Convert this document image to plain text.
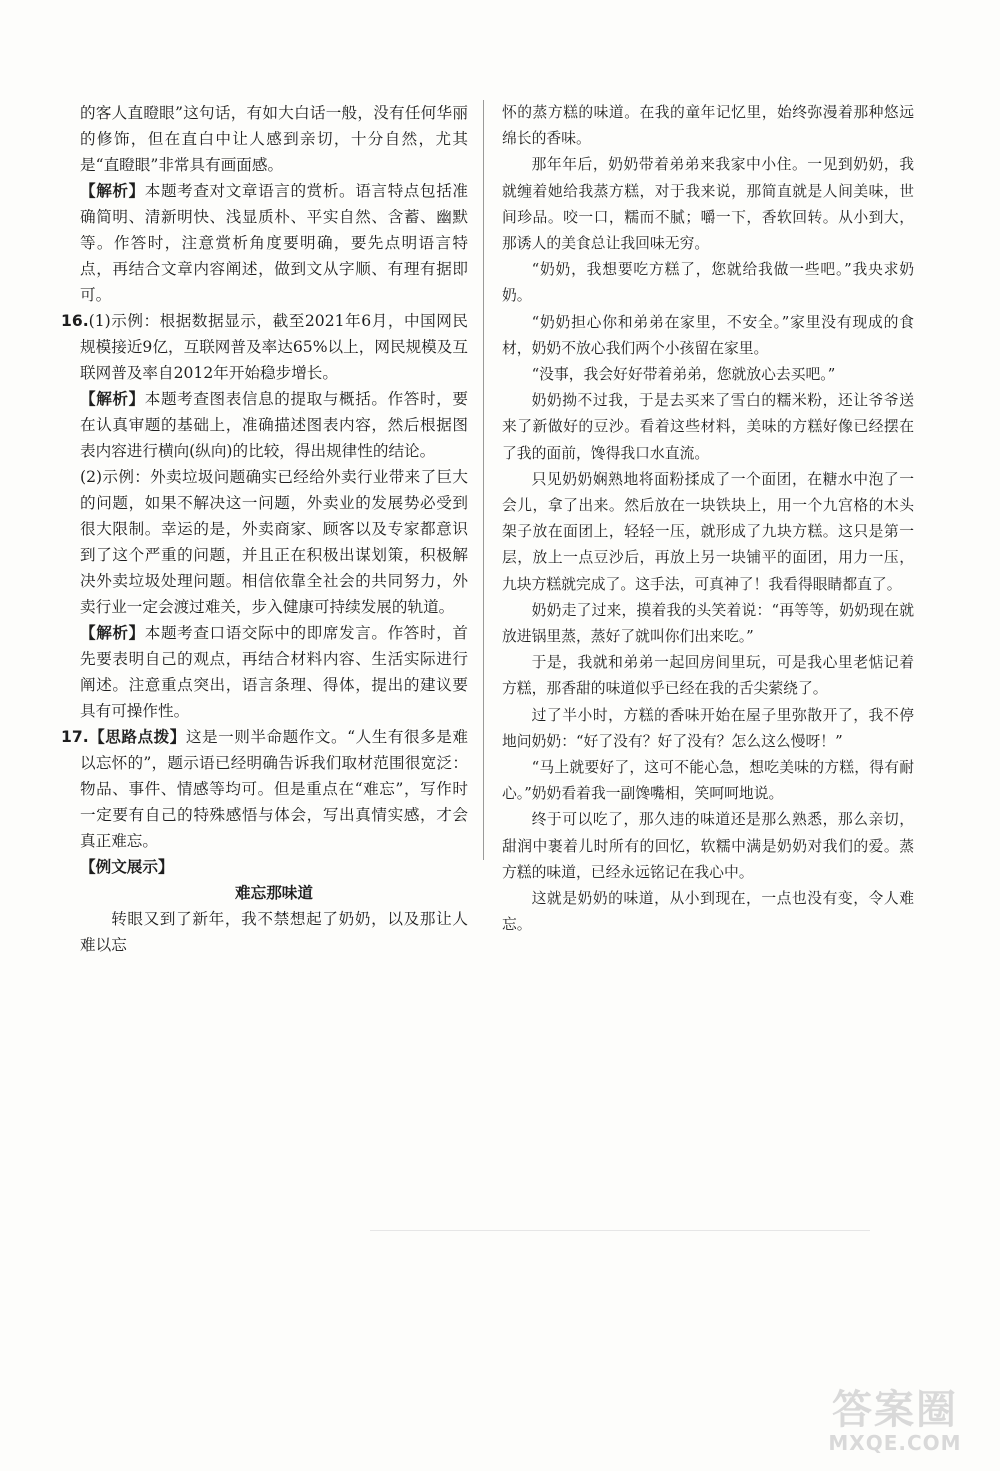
的客人直瞪眼”这句话，有如大白话一般，没有任何华丽的修饰，但在直白中让人感到亲切，十分自然，尤其是“直瞪眼”非常具有画面感。

【解析】本题考查对文章语言的赏析。语言特点包括准确简明、清新明快、浅显质朴、平实自然、含蓄、幽默等。作答时，注意赏析角度要明确，要先点明语言特点，再结合文章内容阐述，做到文从字顺、有理有据即可。

16.(1)示例：根据数据显示，截至2021年6月，中国网民规模接近9亿，互联网普及率达65%以上，网民规模及互联网普及率自2012年开始稳步增长。

【解析】本题考查图表信息的提取与概括。作答时，要在认真审题的基础上，准确描述图表内容，然后根据图表内容进行横向(纵向)的比较，得出规律性的结论。

(2)示例：外卖垃圾问题确实已经给外卖行业带来了巨大的问题，如果不解决这一问题，外卖业的发展势必受到很大限制。幸运的是，外卖商家、顾客以及专家都意识到了这个严重的问题，并且正在积极出谋划策，积极解决外卖垃圾处理问题。相信依靠全社会的共同努力，外卖行业一定会渡过难关，步入健康可持续发展的轨道。

【解析】本题考查口语交际中的即席发言。作答时，首先要表明自己的观点，再结合材料内容、生活实际进行阐述。注意重点突出，语言条理、得体，提出的建议要具有可操作性。

17.【思路点拨】这是一则半命题作文。“人生有很多是难以忘怀的”，题示语已经明确告诉我们取材范围很宽泛：物品、事件、情感等均可。但是重点在“难忘”，写作时一定要有自己的特殊感悟与体会，写出真情实感，才会真正难忘。

【例文展示】

难忘那味道

转眼又到了新年，我不禁想起了奶奶，以及那让人难以忘

怀的蒸方糕的味道。在我的童年记忆里，始终弥漫着那种悠远绵长的香味。

那年年后，奶奶带着弟弟来我家中小住。一见到奶奶，我就缠着她给我蒸方糕，对于我来说，那简直就是人间美味，世间珍品。咬一口，糯而不腻；嚼一下，香软回转。从小到大，那诱人的美食总让我回味无穷。

“奶奶，我想要吃方糕了，您就给我做一些吧。”我央求奶奶。

“奶奶担心你和弟弟在家里，不安全。”家里没有现成的食材，奶奶不放心我们两个小孩留在家里。

“没事，我会好好带着弟弟，您就放心去买吧。”

奶奶拗不过我，于是去买来了雪白的糯米粉，还让爷爷送来了新做好的豆沙。看着这些材料，美味的方糕好像已经摆在了我的面前，馋得我口水直流。

只见奶奶娴熟地将面粉揉成了一个面团，在糖水中泡了一会儿，拿了出来。然后放在一块铁块上，用一个九宫格的木头架子放在面团上，轻轻一压，就形成了九块方糕。这只是第一层，放上一点豆沙后，再放上另一块铺平的面团，用力一压，九块方糕就完成了。这手法，可真神了！我看得眼睛都直了。

奶奶走了过来，摸着我的头笑着说：“再等等，奶奶现在就放进锅里蒸，蒸好了就叫你们出来吃。”

于是，我就和弟弟一起回房间里玩，可是我心里老惦记着方糕，那香甜的味道似乎已经在我的舌尖萦绕了。

过了半小时，方糕的香味开始在屋子里弥散开了，我不停地问奶奶：“好了没有？好了没有？怎么这么慢呀！”

“马上就要好了，这可不能心急，想吃美味的方糕，得有耐心。”奶奶看着我一副馋嘴相，笑呵呵地说。

终于可以吃了，那久违的味道还是那么熟悉，那么亲切，甜润中裹着儿时所有的回忆，软糯中满是奶奶对我们的爱。蒸方糕的味道，已经永远铭记在我心中。

这就是奶奶的味道，从小到现在，一点也没有变，令人难忘。

答案圈
MXQE.COM
